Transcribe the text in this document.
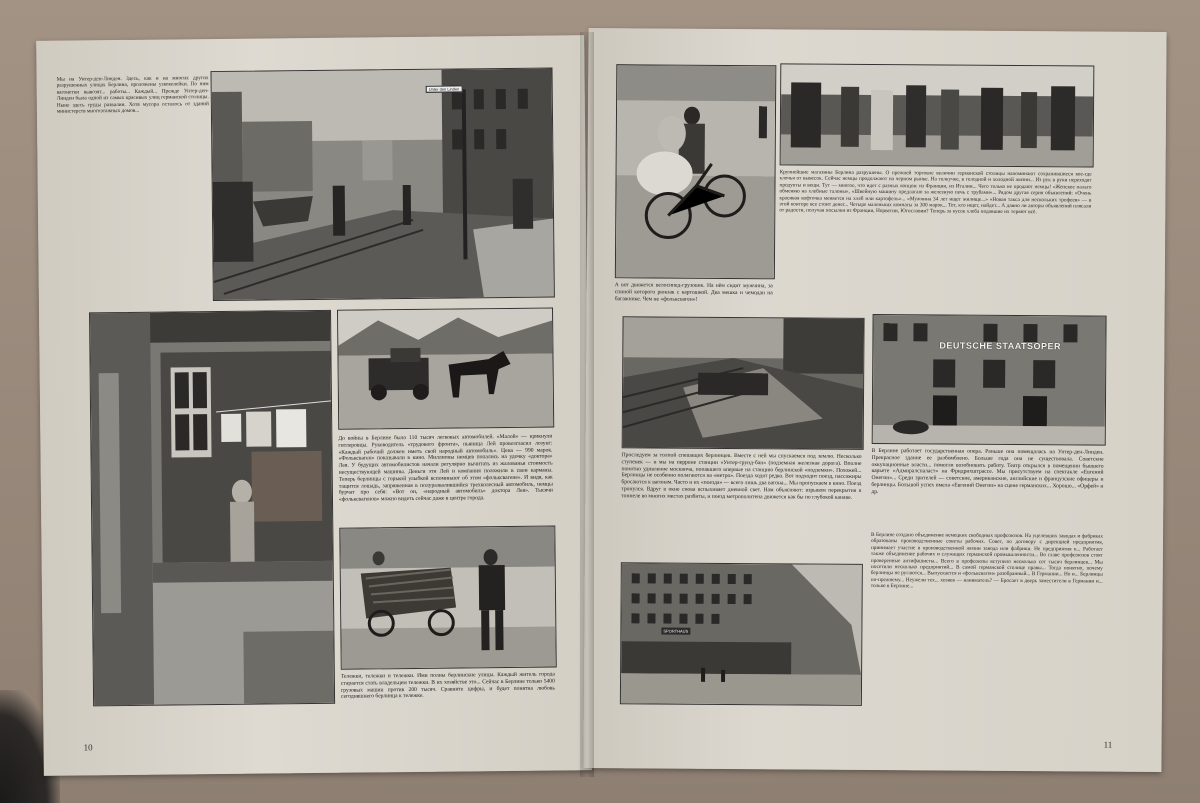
Мы на Унтер-ден-Линден. Здесь, как и на многих других разрушенных улицах Берлина, проложены узкоколейки. По ним вагонетки вывозят... работы... Каждый... Прежде Унтер-ден-Линден была одной из самых красивых улиц германской столицы. Ныне здесь груды развалин. Хотя мусора осталось от зданий министерств многоэтажных домов...
Unter den Linden
До войны в Берлине было 110 тысяч легковых автомобилей. «Малой» — крикнули гитлеровцы. Руководитель «трудового фронта», пьяница Лей провозгласил лозунг: «Каждый рабочий должен иметь свой народный автомобиль». Цена — 990 марок. «Фольксваген» показывали в кино. Миллионы немцев попались на удочку «доктора» Лея. У будущих автомобилистов начали регулярно вычитать из жалованья стоимость несуществующей машины. Деньги эти Лей и компания положили в свои карманы. Теперь берлинцы с горькой улыбкой вспоминают об этом «фольксвагене». И видя, как тащится лошадь, запряженная в полуразвалившийся трехколесный автомобиль, немцы бурчат про себя: «Вот он, «народный автомобиль» доктора Лея». Тысячи «фольксвагенов» можно видеть сейчас даже в центре города.
Тележки, тележки и тележки. Ими полны берлинские улицы. Каждый житель города старается стать владельцем тележки. В их хозяйстве это... Сейчас в Берлине только 5400 грузовых машин против 200 тысяч. Сравните цифры, и будет понятна любовь сегодняшнего берлинца к тележке.
10
А вот движется велосипед-грузовик. На нём сидит мужчина, за спиной которого рюкзак с картошкой. Два мешка и чемодан на багажнике. Чем не «фольксваген»!
Крупнейшие магазины Берлина разрушены. О прежней торговле величин германской столицы напоминают сохранившиеся кое-где клочья от вывесок. Сейчас немцы продолжают на черном рынке. На толкучке, в голодной и холодной жизни... Из рук в руки переходят продукты и вещи. Тут — многое, что идет с разных концов: из Франции, из Италии... Чего только не продают немцы! «Женское пальто обменяю на хлебные талоны», «Швейную машину предлагаю за железную печь с трубами»... Рядом другая серия объявлений: «Очень красивая кофточка меняется на хлеб или картофель»... «Мужчина 34 лет ищет жилище...» «Новая такса для нескольких трофеев» — в этой конторе все стоит денег... Четыре маленьких комнаты за 300 марок... Тот, кто ищет, найдет... А давно ли авторы объявлений плясали от радости, получая посылки из Франции, Норвегии, Югославии? Теперь за кусок хлеба подавшие их теряют всё.
Проследуем за толпой спешащих берлинцев. Вместе с ней мы спускаемся под землю. Несколько ступенек — и мы на перроне станции «Унтер-грунд-бан» (подземная железная дорога). Вполне понятно удивление москвича, попавшего впервые на станцию берлинской «подземки». Похожей... Берлинцы не особенно полагаются на «метро». Поезда ходят редко. Вот подходит поезд, пассажиры бросаются к вагонам. Часто и их «поезда» — всего лишь два вагона... Мы пропускаем в кино. Поезд тронулся. Вдруг в окне снова вспыхивает дневной свет. Нам объясняют: взрывом перекрытия в тоннеле во многих местах разбиты, и поезд метрополитена движется как бы по глубокой канаве.
DEUTSCHE STAATSOPER
В Берлине работает государственная опера. Раньше она помещалась на Унтер-ден-Линден. Прекрасное здание ее разбомблено. Больше года она не существовала. Советские оккупационные власти... помогли возобновить работу. Театр открылся в помещении бывшего варьете «Адмиралспаласт» на Фридрихштрассе. Мы присутствуем на спектакле «Евгений Онегин»... Среди зрителей — советские, американские, английские и французские офицеры и берлинцы. Большой успех имела «Евгений Онегин» на сцене германских... Хорошо... «Орфей» и др.
SPORTHAUS
В Берлине создано объединение немецких свободных профсоюзов. На уцелевших заводах и фабриках образованы производственные советы рабочих. Совет, по договору с дирекцией предприятия, принимает участие в производственной жизни завода или фабрики. Не предприятия к... Работает также объединение рабочих и служащих германской промышленности... Во главе профсоюзов стоят проверенные антифашисты... Всего в профсоюзы вступило несколько сот тысяч берлинцев... Мы посетили несколько предприятий... В самой германской столице правы... Тогда понятно, почему берлинцы не ругаются... Выпускается и «фольксваген» разобранный... В Германии... Но и... Берлинцы по-прежнему... Неужели тех... хозяев — наниматель? — Бросает в дверь заместители в Германии и... только в Берлине...
11
